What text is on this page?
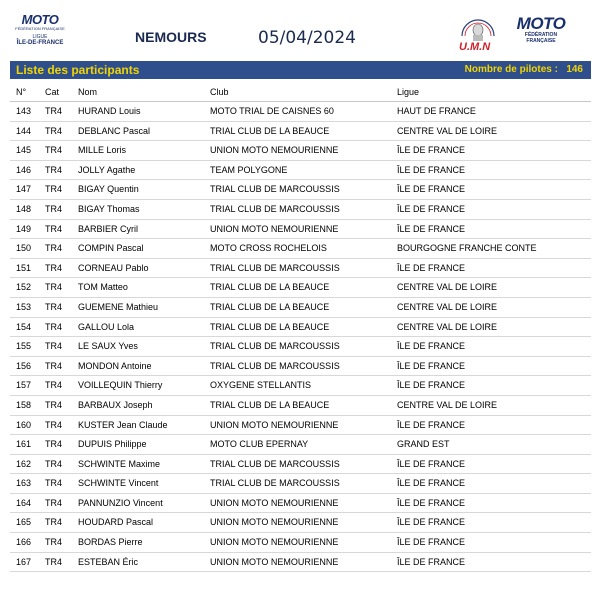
MOTO
FÉDÉRATION FRANÇAISE
LIGUE
ÎLE-DE-FRANCE	NEMOURS	05/04/2024	U.M.N
MOTO
FÉDÉRATION FRANÇAISE
Liste des participants	Nombre de pilotes : 146
N° Cat Nom	Club	Ligue
143 TR4 HURAND Louis	MOTO TRIAL DE CAISNES 60	HAUT DE FRANCE
144 TR4 DEBLANC Pascal	TRIAL CLUB DE LA BEAUCE	CENTRE VAL DE LOIRE
145 TR4 MILLE Loris	UNION MOTO NEMOURIENNE	ÎLE DE FRANCE
146 TR4 JOLLY Agathe	TEAM POLYGONE	ÎLE DE FRANCE
147 TR4 BIGAY Quentin	TRIAL CLUB DE MARCOUSSIS	ÎLE DE FRANCE
148 TR4 BIGAY Thomas	TRIAL CLUB DE MARCOUSSIS	ÎLE DE FRANCE
149 TR4 BARBIER Cyril	UNION MOTO NEMOURIENNE	ÎLE DE FRANCE
150 TR4 COMPIN Pascal	MOTO CROSS ROCHELOIS	BOURGOGNE FRANCHE CONTE
151 TR4 CORNEAU Pablo	TRIAL CLUB DE MARCOUSSIS	ÎLE DE FRANCE
152 TR4 TOM Matteo	TRIAL CLUB DE LA BEAUCE	CENTRE VAL DE LOIRE
153 TR4 GUEMENE Mathieu	TRIAL CLUB DE LA BEAUCE	CENTRE VAL DE LOIRE
154 TR4 GALLOU Lola	TRIAL CLUB DE LA BEAUCE	CENTRE VAL DE LOIRE
155 TR4 LE SAUX Yves	TRIAL CLUB DE MARCOUSSIS	ÎLE DE FRANCE
156 TR4 MONDON Antoine	TRIAL CLUB DE MARCOUSSIS	ÎLE DE FRANCE
157 TR4 VOILLEQUIN Thierry	OXYGENE STELLANTIS	ÎLE DE FRANCE
158 TR4 BARBAUX Joseph	TRIAL CLUB DE LA BEAUCE	CENTRE VAL DE LOIRE
160 TR4 KUSTER Jean Claude	UNION MOTO NEMOURIENNE	ÎLE DE FRANCE
161 TR4 DUPUIS Philippe	MOTO CLUB EPERNAY	GRAND EST
162 TR4 SCHWINTE Maxime	TRIAL CLUB DE MARCOUSSIS	ÎLE DE FRANCE
163 TR4 SCHWINTE Vincent	TRIAL CLUB DE MARCOUSSIS	ÎLE DE FRANCE
164 TR4 PANNUNZIO Vincent	UNION MOTO NEMOURIENNE	ÎLE DE FRANCE
165 TR4 HOUDARD Pascal	UNION MOTO NEMOURIENNE	ÎLE DE FRANCE
166 TR4 BORDAS Pierre	UNION MOTO NEMOURIENNE	ÎLE DE FRANCE
167 TR4 ESTEBAN Éric	UNION MOTO NEMOURIENNE	ÎLE DE FRANCE
